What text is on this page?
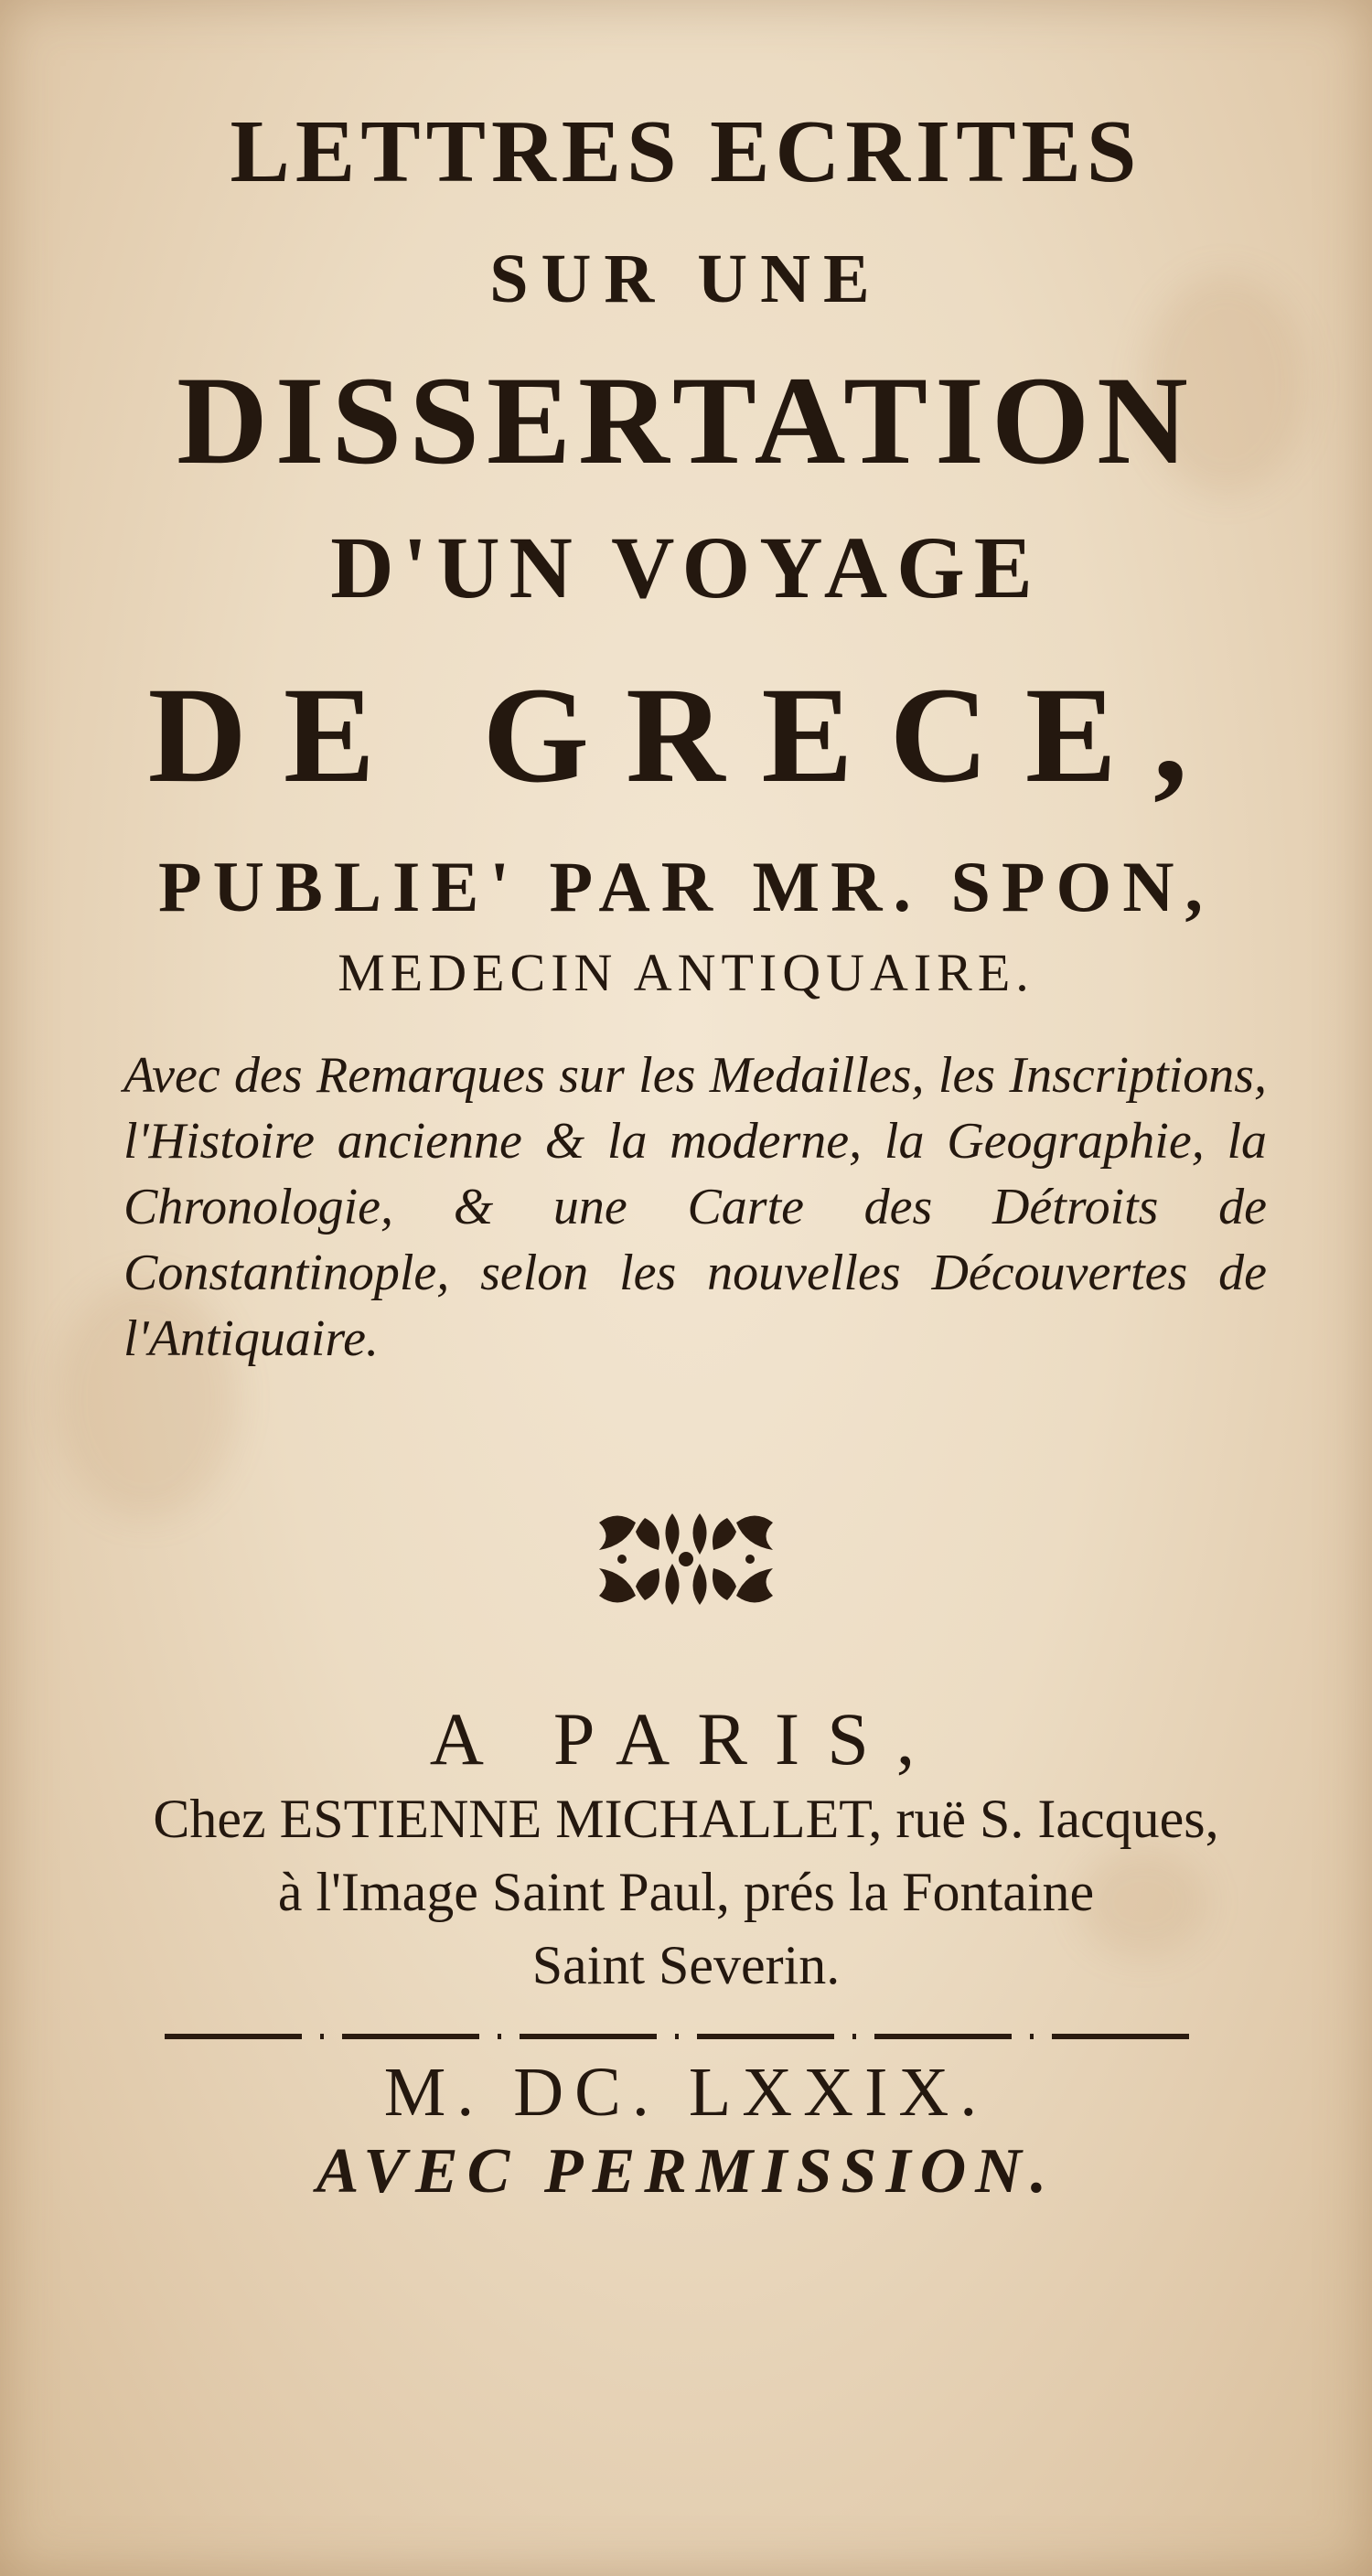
LETTRES ECRITES
SUR UNE
DISSERTATION
D'UN VOYAGE
DE GRECE,
PUBLIE' PAR MR. SPON,
MEDECIN ANTIQUAIRE.
Avec des Remarques sur les Medailles, les Inscriptions, l'Histoire ancienne & la moderne, la Geographie, la Chronologie, & une Carte des Détroits de Constantinople, selon les nouvelles Découvertes de l'Antiquaire.
A PARIS,
Chez ESTIENNE MICHALLET, ruë S. Iacques,
à l'Image Saint Paul, prés la Fontaine
Saint Severin.
M. DC. LXXIX.
AVEC PERMISSION.
